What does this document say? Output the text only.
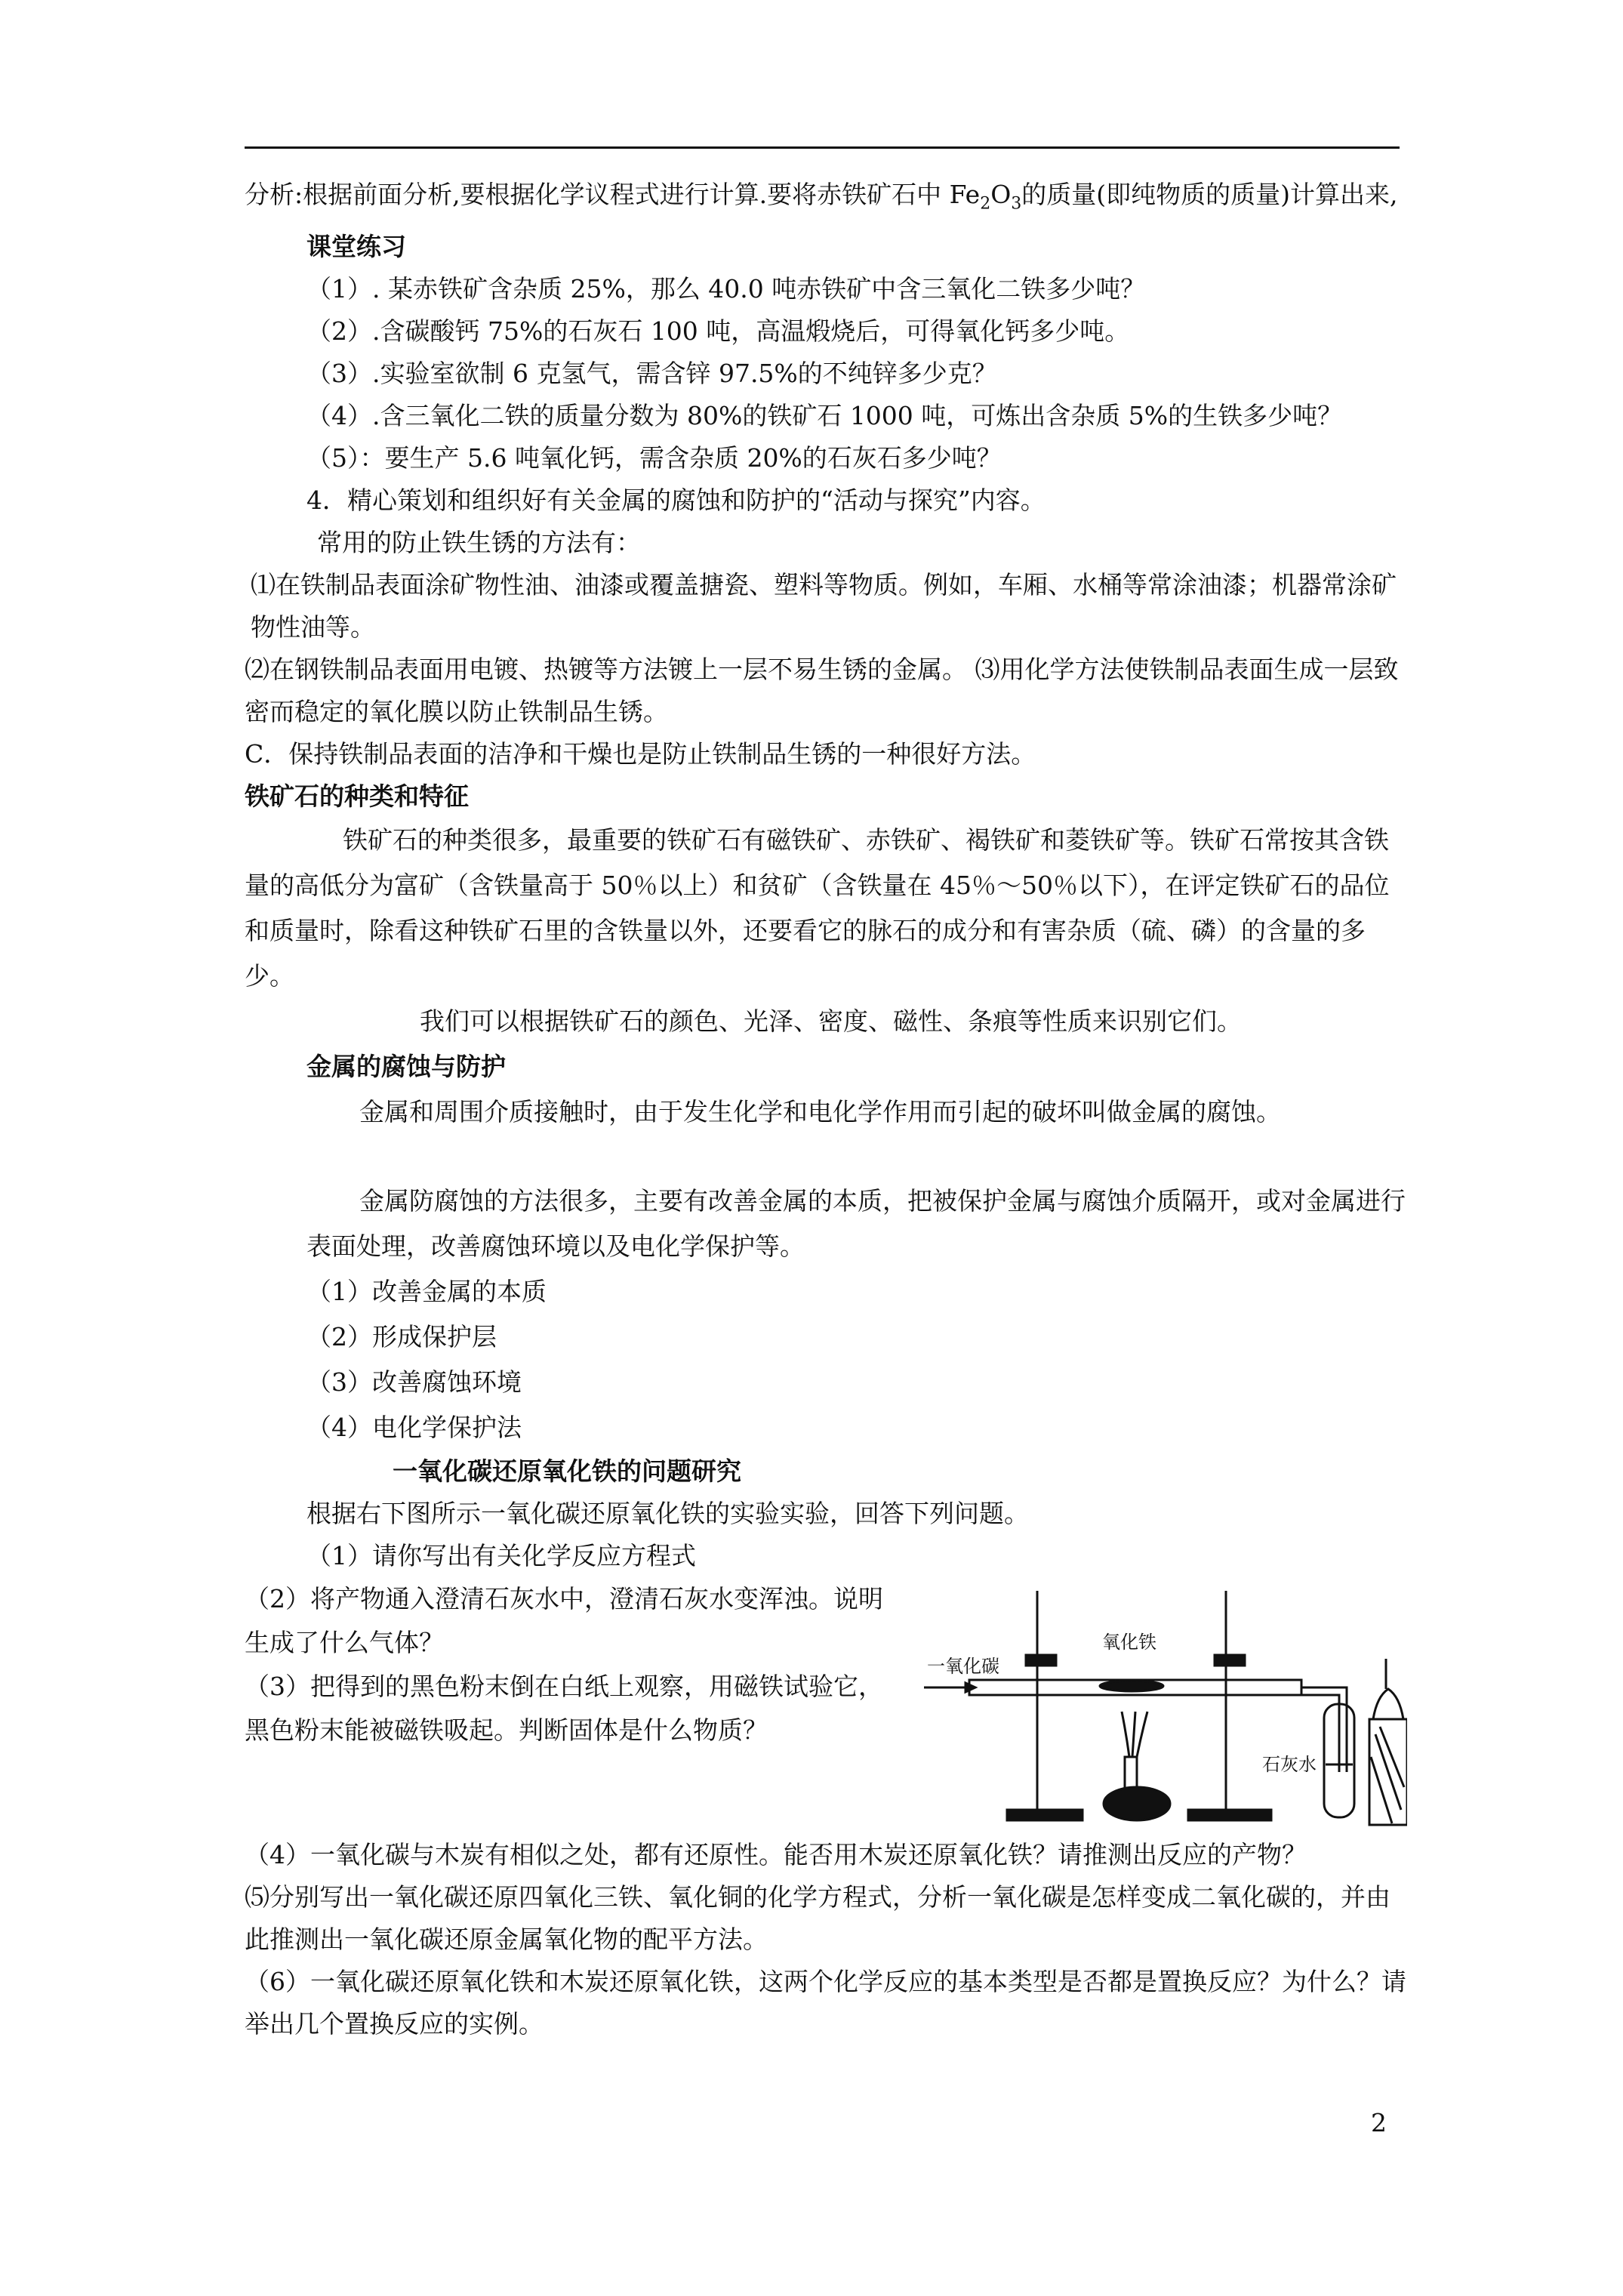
分析:根据前面分析,要根据化学议程式进行计算.要将赤铁矿石中 $Fe_2O_3$的质量(即纯物质的质量)计算出来,

课堂练习

（1）. 某赤铁矿含杂质 25%，那么 40.0 吨赤铁矿中含三氧化二铁多少吨？

（2）.含碳酸钙 75%的石灰石 100 吨，高温煅烧后，可得氧化钙多少吨。

（3）.实验室欲制 6 克氢气，需含锌 97.5%的不纯锌多少克？

（4）.含三氧化二铁的质量分数为 80%的铁矿石 1000 吨，可炼出含杂质 5%的生铁多少吨？

（5）：要生产 5.6 吨氧化钙，需含杂质 20%的石灰石多少吨？

4．精心策划和组织好有关金属的腐蚀和防护的“活动与探究”内容。

常用的防止铁生锈的方法有：

⑴在铁制品表面涂矿物性油、油漆或覆盖搪瓷、塑料等物质。例如，车厢、水桶等常涂油漆；机器常涂矿物性油等。

⑵在钢铁制品表面用电镀、热镀等方法镀上一层不易生锈的金属。 ⑶用化学方法使铁制品表面生成一层致密而稳定的氧化膜以防止铁制品生锈。

C．保持铁制品表面的洁净和干燥也是防止铁制品生锈的一种很好方法。

铁矿石的种类和特征

铁矿石的种类很多，最重要的铁矿石有磁铁矿、赤铁矿、褐铁矿和菱铁矿等。铁矿石常按其含铁量的高低分为富矿（含铁量高于 50％以上）和贫矿（含铁量在 45％～50％以下），在评定铁矿石的品位和质量时，除看这种铁矿石里的含铁量以外，还要看它的脉石的成分和有害杂质（硫、磷）的含量的多少。

我们可以根据铁矿石的颜色、光泽、密度、磁性、条痕等性质来识别它们。

金属的腐蚀与防护

金属和周围介质接触时，由于发生化学和电化学作用而引起的破坏叫做金属的腐蚀。

金属防腐蚀的方法很多，主要有改善金属的本质，把被保护金属与腐蚀介质隔开，或对金属进行表面处理，改善腐蚀环境以及电化学保护等。

（1）改善金属的本质

（2）形成保护层

（3）改善腐蚀环境

（4）电化学保护法

一氧化碳还原氧化铁的问题研究

根据右下图所示一氧化碳还原氧化铁的实验实验，回答下列问题。

（1）请你写出有关化学反应方程式

（2）将产物通入澄清石灰水中，澄清石灰水变浑浊。说明生成了什么气体？

（3）把得到的黑色粉末倒在白纸上观察，用磁铁试验它，黑色粉末能被磁铁吸起。判断固体是什么物质？

一氧化碳
氧化铁
石灰水

（4）一氧化碳与木炭有相似之处，都有还原性。能否用木炭还原氧化铁？请推测出反应的产物？

⑸分别写出一氧化碳还原四氧化三铁、氧化铜的化学方程式，分析一氧化碳是怎样变成二氧化碳的，并由此推测出一氧化碳还原金属氧化物的配平方法。

（6）一氧化碳还原氧化铁和木炭还原氧化铁，这两个化学反应的基本类型是否都是置换反应？为什么？请举出几个置换反应的实例。

2
